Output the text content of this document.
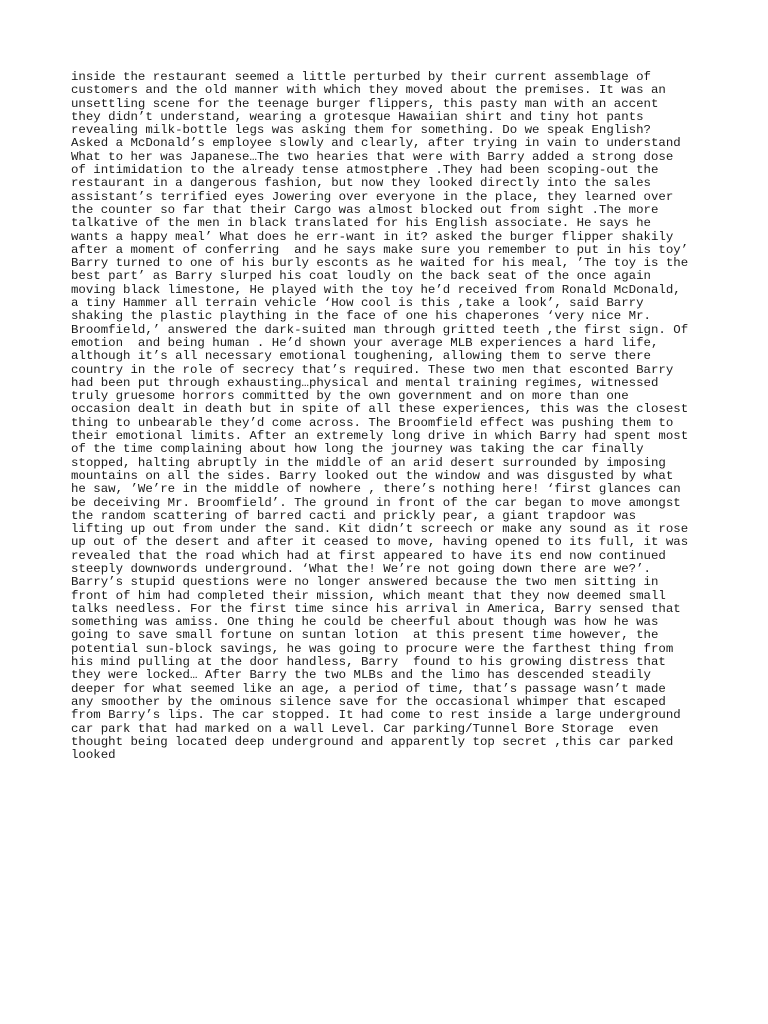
inside the restaurant seemed a little perturbed by their current assemblage of
customers and the old manner with which they moved about the premises. It was an
unsettling scene for the teenage burger flippers, this pasty man with an accent
they didn’t understand, wearing a grotesque Hawaiian shirt and tiny hot pants
revealing milk-bottle legs was asking them for something. Do we speak English?
Asked a McDonald’s employee slowly and clearly, after trying in vain to understand
What to her was Japanese…The two hearies that were with Barry added a strong dose
of intimidation to the already tense atmostphere .They had been scoping-out the
restaurant in a dangerous fashion, but now they looked directly into the sales
assistant’s terrified eyes Jowering over everyone in the place, they learned over
the counter so far that their Cargo was almost blocked out from sight .The more
talkative of the men in black translated for his English associate. He says he
wants a happy meal’ What does he err-want in it? asked the burger flipper shakily
after a moment of conferring  and he says make sure you remember to put in his toy’
Barry turned to one of his burly esconts as he waited for his meal, ’The toy is the
best part’ as Barry slurped his coat loudly on the back seat of the once again
moving black limestone, He played with the toy he’d received from Ronald McDonald,
a tiny Hammer all terrain vehicle ‘How cool is this ,take a look’, said Barry
shaking the plastic plaything in the face of one his chaperones ‘very nice Mr.
Broomfield,’ answered the dark-suited man through gritted teeth ,the first sign. Of
emotion  and being human . He’d shown your average MLB experiences a hard life,
although it’s all necessary emotional toughening, allowing them to serve there
country in the role of secrecy that’s required. These two men that esconted Barry
had been put through exhausting…physical and mental training regimes, witnessed
truly gruesome horrors committed by the own government and on more than one
occasion dealt in death but in spite of all these experiences, this was the closest
thing to unbearable they’d come across. The Broomfield effect was pushing them to
their emotional limits. After an extremely long drive in which Barry had spent most
of the time complaining about how long the journey was taking the car finally
stopped, halting abruptly in the middle of an arid desert surrounded by imposing
mountains on all the sides. Barry looked out the window and was disgusted by what
he saw, ’We’re in the middle of nowhere , there’s nothing here! ‘first glances can
be deceiving Mr. Broomfield’. The ground in front of the car began to move amongst
the random scattering of barred cacti and prickly pear, a giant trapdoor was
lifting up out from under the sand. Kit didn’t screech or make any sound as it rose
up out of the desert and after it ceased to move, having opened to its full, it was
revealed that the road which had at first appeared to have its end now continued
steeply downwords underground. ‘What the! We’re not going down there are we?’.
Barry’s stupid questions were no longer answered because the two men sitting in
front of him had completed their mission, which meant that they now deemed small
talks needless. For the first time since his arrival in America, Barry sensed that
something was amiss. One thing he could be cheerful about though was how he was
going to save small fortune on suntan lotion  at this present time however, the
potential sun-block savings, he was going to procure were the farthest thing from
his mind pulling at the door handless, Barry  found to his growing distress that
they were locked… After Barry the two MLBs and the limo has descended steadily
deeper for what seemed like an age, a period of time, that’s passage wasn’t made
any smoother by the ominous silence save for the occasional whimper that escaped
from Barry’s lips. The car stopped. It had come to rest inside a large underground
car park that had marked on a wall Level. Car parking/Tunnel Bore Storage  even
thought being located deep underground and apparently top secret ,this car parked
looked
